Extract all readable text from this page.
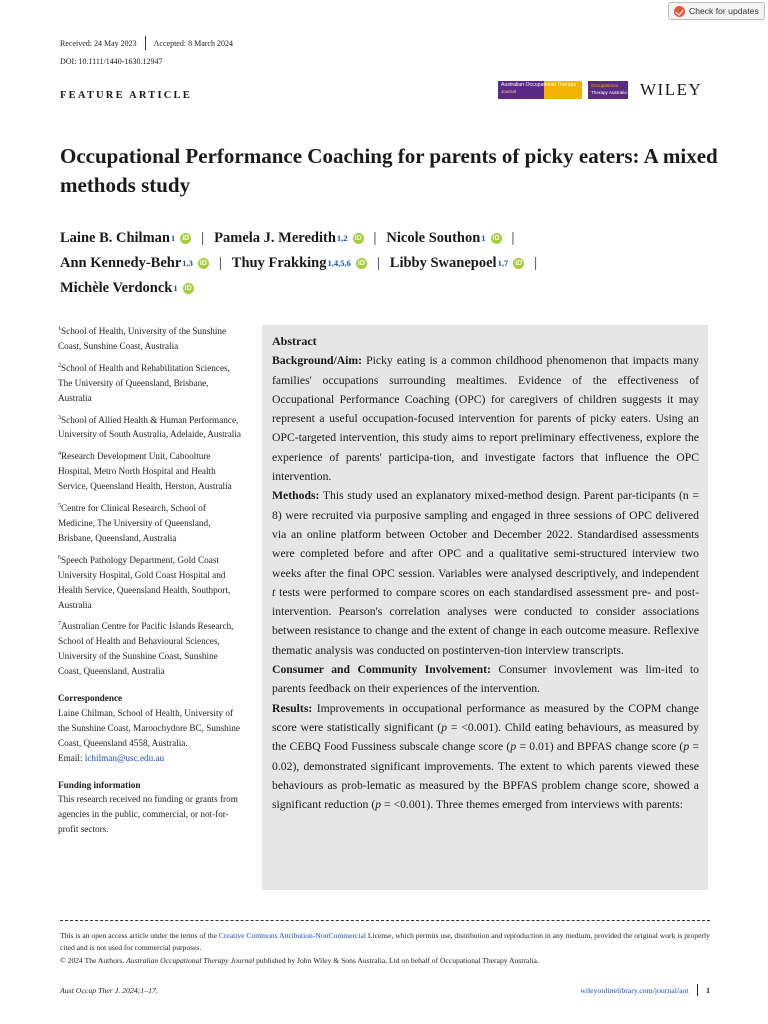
Check for updates
Received: 24 May 2023 Accepted: 8 March 2024
DOI: 10.1111/1440-1630.12947
FEATURE ARTICLE
Australian Occupational Therapy
Journal
Occupational
Therapy Australia WILEY
Occupational Performance Coaching for parents of picky eaters: A mixed methods study
Laine B. Chilman 1 iD | Pamela J. Meredith 1,2 iD | Nicole Southon 1 iD |
Ann Kennedy-Behr 1,3 iD | Thuy Frakking 1,4,5,6 iD | Libby Swanepoel 1,7 iD |
Michèle Verdonck 1 iD
$^1$School of Health, University of the Sunshine Coast, Sunshine Coast, Australia
$^2$School of Health and Rehabilitation Sciences, The University of Queensland, Brisbane, Australia
$^3$School of Allied Health & Human Performance, University of South Australia, Adelaide, Australia
$^4$Research Development Unit, Caboolture Hospital, Metro North Hospital and Health Service, Queensland Health, Herston, Australia
$^5$Centre for Clinical Research, School of Medicine, The University of Queensland, Brisbane, Queensland, Australia
$^6$Speech Pathology Department, Gold Coast University Hospital, Gold Coast Hospital and Health Service, Queensland Health, Southport, Australia
$^7$Australian Centre for Pacific Islands Research, School of Health and Behavioural Sciences, University of the Sunshine Coast, Sunshine Coast, Queensland, Australia
Correspondence
Laine Chilman, School of Health, University of the Sunshine Coast, Maroochydore BC, Sunshine Coast, Queensland 4558, Australia.
Email: lchilman@usc.edu.au
Funding information
This research received no funding or grants from agencies in the public, commercial, or not-for-profit sectors.
Abstract
Background/Aim: Picky eating is a common childhood phenomenon that impacts many families' occupations surrounding mealtimes. Evidence of the effectiveness of Occupational Performance Coaching (OPC) for caregivers of children suggests it may represent a useful occupation-focused intervention for parents of picky eaters. Using an OPC-targeted intervention, this study aims to report preliminary effectiveness, explore the experience of parents' participa-tion, and investigate factors that influence the OPC intervention.
Methods: This study used an explanatory mixed-method design. Parent par-ticipants (n = 8) were recruited via purposive sampling and engaged in three sessions of OPC delivered via an online platform between October and December 2022. Standardised assessments were completed before and after OPC and a qualitative semi-structured interview two weeks after the final OPC session. Variables were analysed descriptively, and independent t tests were performed to compare scores on each standardised assessment pre- and post-intervention. Pearson's correlation analyses were conducted to consider associations between resistance to change and the extent of change in each outcome measure. Reflexive thematic analysis was conducted on postinterven-tion interview transcripts.
Consumer and Community Involvement: Consumer invovlement was lim-ited to parents feedback on their experiences of the intervention.
Results: Improvements in occupational performance as measured by the COPM change score were statistically significant (p = <0.001). Child eating behaviours, as measured by the CEBQ Food Fussiness subscale change score (p = 0.01) and BPFAS change score (p = 0.02), demonstrated significant improvements. The extent to which parents viewed these behaviours as prob-lematic as measured by the BPFAS problem change score, showed a significant reduction (p = <0.001). Three themes emerged from interviews with parents:
This is an open access article under the terms of the Creative Commons Attribution-NonCommercial License, which permits use, distribution and reproduction in any medium, provided the original work is properly cited and is not used for commercial purposes.
© 2024 The Authors. Australian Occupational Therapy Journal published by John Wiley & Sons Australia, Ltd on behalf of Occupational Therapy Australia.
Aust Occup Ther J. 2024;1–17.	wileyonlinelibrary.com/journal/aot 1
